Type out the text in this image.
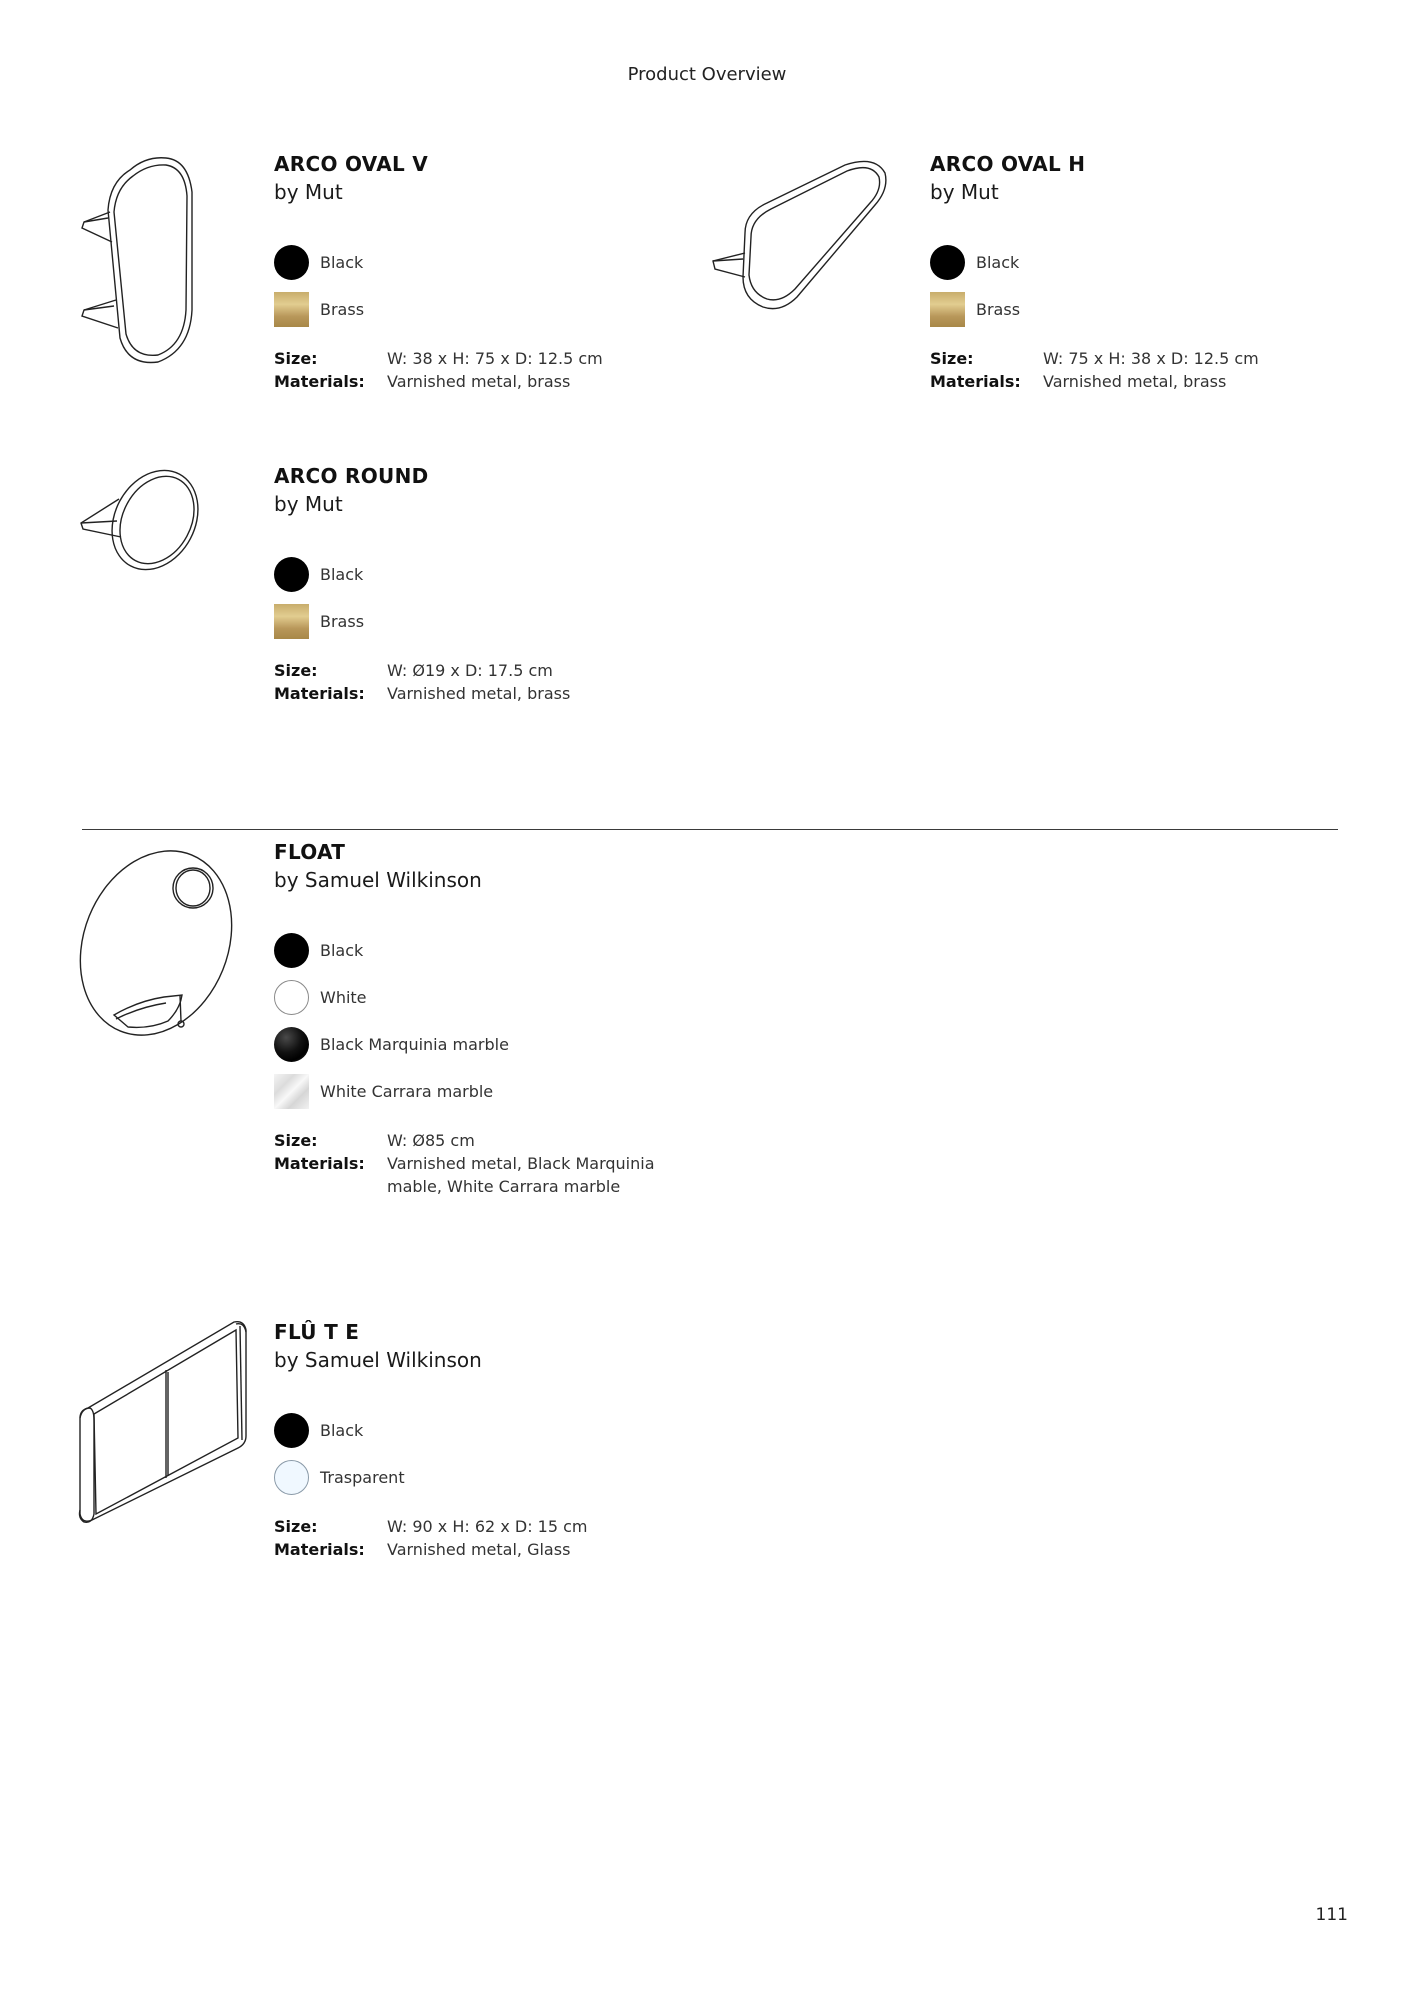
Product Overview
ARCO OVAL V
by Mut
Black
Brass
Size:	W: 38 x H: 75 x D: 12.5 cm
Materials:	Varnished metal, brass
ARCO OVAL H
by Mut
Black
Brass
Size:	W: 75 x H: 38 x D: 12.5 cm
Materials:	Varnished metal, brass
ARCO ROUND
by Mut
Black
Brass
Size:	W: Ø19 x D: 17.5 cm
Materials:	Varnished metal, brass
FLOAT
by Samuel Wilkinson
Black
White
Black Marquinia marble
White Carrara marble
Size:	W: Ø85 cm
Materials:	Varnished metal, Black Marquinia mable, White Carrara marble
FLÛ T E
by Samuel Wilkinson
Black
Trasparent
Size:	W: 90 x H: 62 x D: 15 cm
Materials:	Varnished metal, Glass
111
